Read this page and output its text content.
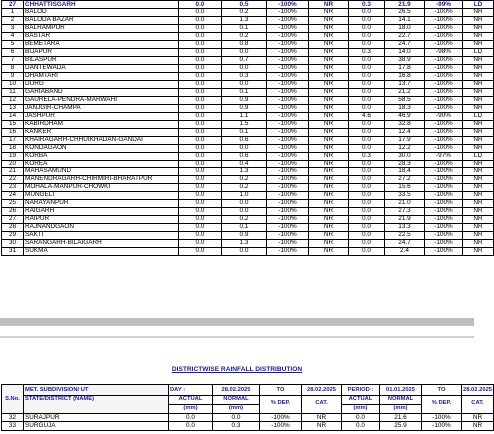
27	CHHATTISGARH	0.0	0.5	-100%	NR	0.3	21.9	-99%	LD
1	BALOD	0.0	0.2	-100%	NR	0.0	26.5	-100%	NR
2	BALODA BAZAR	0.0	1.3	-100%	NR	0.0	14.1	-100%	NR
3	BALRAMPUR	0.0	0.1	-100%	NR	0.0	18.0	-100%	NR
4	BASTAR	0.0	0.2	-100%	NR	0.0	22.7	-100%	NR
5	BEMETARA	0.0	0.8	-100%	NR	0.0	24.7	-100%	NR
6	BIJAPUR	0.0	0.0	-100%	NR	0.3	14.0	-98%	LD
7	BILASPUR	0.0	0.7	-100%	NR	0.0	38.9	-100%	NR
8	DANTEWADA	0.0	0.0	-100%	NR	0.0	17.8	-100%	NR
9	DHAMTARI	0.0	0.3	-100%	NR	0.0	16.8	-100%	NR
10	DURG	0.0	0.0	-100%	NR	0.0	13.7	-100%	NR
11	GARIABAND	0.0	0.1	-100%	NR	0.0	21.2	-100%	NR
12	GAURELA-PENDRA-MARWAHI	0.0	0.9	-100%	NR	0.0	58.5	-100%	NR
13	JANJGIR-CHAMPA	0.0	0.9	-100%	NR	0.0	18.3	-100%	NR
14	JASHPUR	0.0	1.1	-100%	NR	4.6	46.9	-90%	LD
15	KABIRDHAM	0.0	1.5	-100%	NR	0.0	32.8	-100%	NR
16	KANKER	0.0	0.1	-100%	NR	0.0	12.4	-100%	NR
17	KHAIRAGARH-CHHUIKHADAN-GANDAI	0.0	0.6	-100%	NR	0.0	17.9	-100%	NR
18	KONDAGAON	0.0	0.0	-100%	NR	0.0	12.2	-100%	NR
19	KORBA	0.0	0.6	-100%	NR	0.3	30.0	-97%	LD
20	KOREA	0.0	0.4	-100%	NR	0.0	28.3	-100%	NR
21	MAHASAMUND	0.0	1.3	-100%	NR	0.0	18.4	-100%	NR
22	MANENDRAGARH-CHIRMIRI-BHARATPUR	0.0	0.2	-100%	NR	0.0	27.2	-100%	NR
23	MOHALA-MANPUR-CHOWKI	0.0	0.2	-100%	NR	0.0	15.6	-100%	NR
24	MUNGELI	0.0	1.0	-100%	NR	0.0	33.5	-100%	NR
25	NARAYANPUR	0.0	0.0	-100%	NR	0.0	21.0	-100%	NR
26	RAIGARH	0.0	0.0	-100%	NR	0.0	27.3	-100%	NR
27	RAIPUR	0.0	0.2	-100%	NR	0.0	21.9	-100%	NR
28	RAJNANDGAON	0.0	0.1	-100%	NR	0.0	13.3	-100%	NR
29	SAKTI	0.0	0.9	-100%	NR	0.0	22.5	-100%	NR
30	SARANGARH-BILAIGARH	0.0	1.3	-100%	NR	0.0	24.7	-100%	NR
31	SUKMA	0.0	0.0	-100%	NR	0.0	2.4	-100%	NR
DISTRICTWISE RAINFALL DISTRIBUTION
S.No.	MET. SUBDIVISION/ UT	DAY :	28.02.2025	TO	28.02.2025	PERIOD :	01.01.2025	TO	28.02.2025
	STATE/DISTRICT (NAME)	ACTUAL	NORMAL	% DEP.	CAT.	ACTUAL	NORMAL	% DEP.	CAT.
		(mm)	(mm)			(mm)	(mm)		
32	SURAJPUR	0.0	0.0	-100%	NR	0.0	21.6	-100%	NR
33	SURGUJA	0.0	0.3	-100%	NR	0.0	25.9	-100%	NR
